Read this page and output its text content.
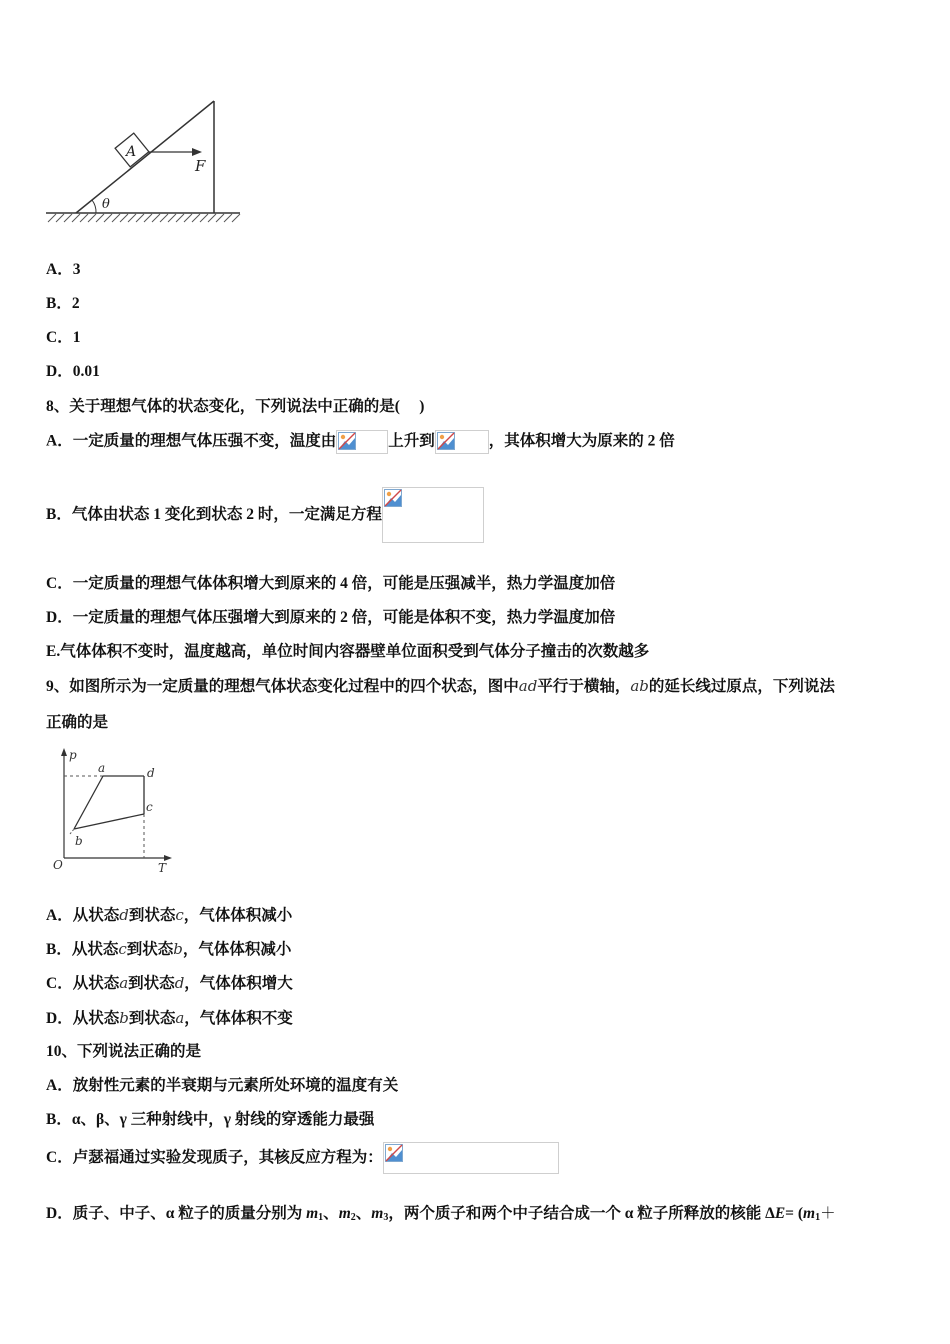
θ
A
F
A．3
B．2
C．1
D．0.01
8、关于理想气体的状态变化，下列说法中正确的是(　 )
A．一定质量的理想气体压强不变，温度由	上升到	，其体积增大为原来的 2 倍
B．气体由状态 1 变化到状态 2 时，一定满足方程
C．一定质量的理想气体体积增大到原来的 4 倍，可能是压强减半，热力学温度加倍
D．一定质量的理想气体压强增大到原来的 2 倍，可能是体积不变，热力学温度加倍
E.气体体积不变时，温度越高，单位时间内容器壁单位面积受到气体分子撞击的次数越多
9、如图所示为一定质量的理想气体状态变化过程中的四个状态，图中ad平行于横轴，ab的延长线过原点，下列说法
正确的是
p
T
O
a	d
c
b
A．从状态d到状态c，气体体积减小
B．从状态c到状态b，气体体积减小
C．从状态a到状态d，气体体积增大
D．从状态b到状态a，气体体积不变
10、下列说法正确的是
A．放射性元素的半衰期与元素所处环境的温度有关
B．α、β、γ 三种射线中，γ 射线的穿透能力最强
C．卢瑟福通过实验发现质子，其核反应方程为：
D．质子、中子、α 粒子的质量分别为 $m_1$、$m_2$、$m_3$，两个质子和两个中子结合成一个 α 粒子所释放的核能 $\Delta E= (m_1+$
